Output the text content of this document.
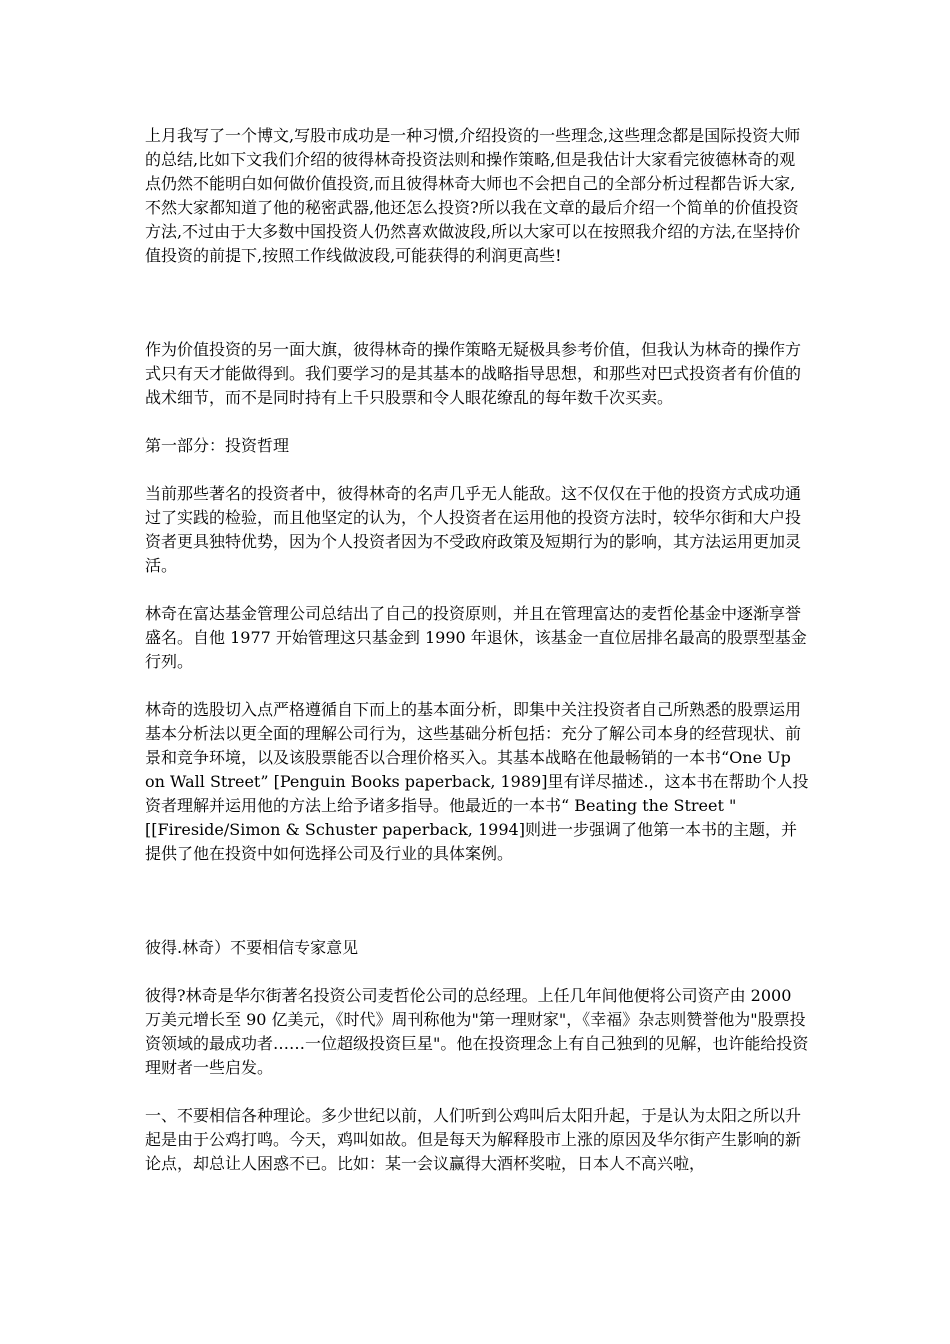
上月我写了一个博文,写股市成功是一种习惯,介绍投资的一些理念,这些理念都是国际投资大师的总结,比如下文我们介绍的彼得林奇投资法则和操作策略,但是我估计大家看完彼德林奇的观点仍然不能明白如何做价值投资,而且彼得林奇大师也不会把自己的全部分析过程都告诉大家,不然大家都知道了他的秘密武器,他还怎么投资?所以我在文章的最后介绍一个简单的价值投资方法,不过由于大多数中国投资人仍然喜欢做波段,所以大家可以在按照我介绍的方法,在坚持价值投资的前提下,按照工作线做波段,可能获得的利润更高些!

作为价值投资的另一面大旗，彼得林奇的操作策略无疑极具参考价值，但我认为林奇的操作方式只有天才能做得到。我们要学习的是其基本的战略指导思想，和那些对巴式投资者有价值的战术细节，而不是同时持有上千只股票和令人眼花缭乱的每年数千次买卖。

第一部分：投资哲理

当前那些著名的投资者中，彼得林奇的名声几乎无人能敌。这不仅仅在于他的投资方式成功通过了实践的检验，而且他坚定的认为，个人投资者在运用他的投资方法时，较华尔街和大户投资者更具独特优势，因为个人投资者因为不受政府政策及短期行为的影响，其方法运用更加灵活。

林奇在富达基金管理公司总结出了自己的投资原则，并且在管理富达的麦哲伦基金中逐渐享誉盛名。自他 1977 开始管理这只基金到 1990 年退休，该基金一直位居排名最高的股票型基金行列。

林奇的选股切入点严格遵循自下而上的基本面分析，即集中关注投资者自己所熟悉的股票运用基本分析法以更全面的理解公司行为，这些基础分析包括：充分了解公司本身的经营现状、前景和竞争环境，以及该股票能否以合理价格买入。其基本战略在他最畅销的一本书“One Up on Wall Street” [Penguin Books paperback, 1989]里有详尽描述.，这本书在帮助个人投资者理解并运用他的方法上给予诸多指导。他最近的一本书“ Beating the Street "[[Fireside/Simon & Schuster paperback, 1994]则进一步强调了他第一本书的主题，并提供了他在投资中如何选择公司及行业的具体案例。

彼得.林奇）不要相信专家意见

彼得?林奇是华尔街著名投资公司麦哲伦公司的总经理。上任几年间他便将公司资产由 2000 万美元增长至 90 亿美元，《时代》周刊称他为"第一理财家"，《幸福》杂志则赞誉他为"股票投资领域的最成功者……一位超级投资巨星"。他在投资理念上有自己独到的见解，也许能给投资理财者一些启发。

一、不要相信各种理论。多少世纪以前，人们听到公鸡叫后太阳升起，于是认为太阳之所以升起是由于公鸡打鸣。今天，鸡叫如故。但是每天为解释股市上涨的原因及华尔街产生影响的新论点，却总让人困惑不已。比如：某一会议赢得大酒杯奖啦，日本人不高兴啦，
